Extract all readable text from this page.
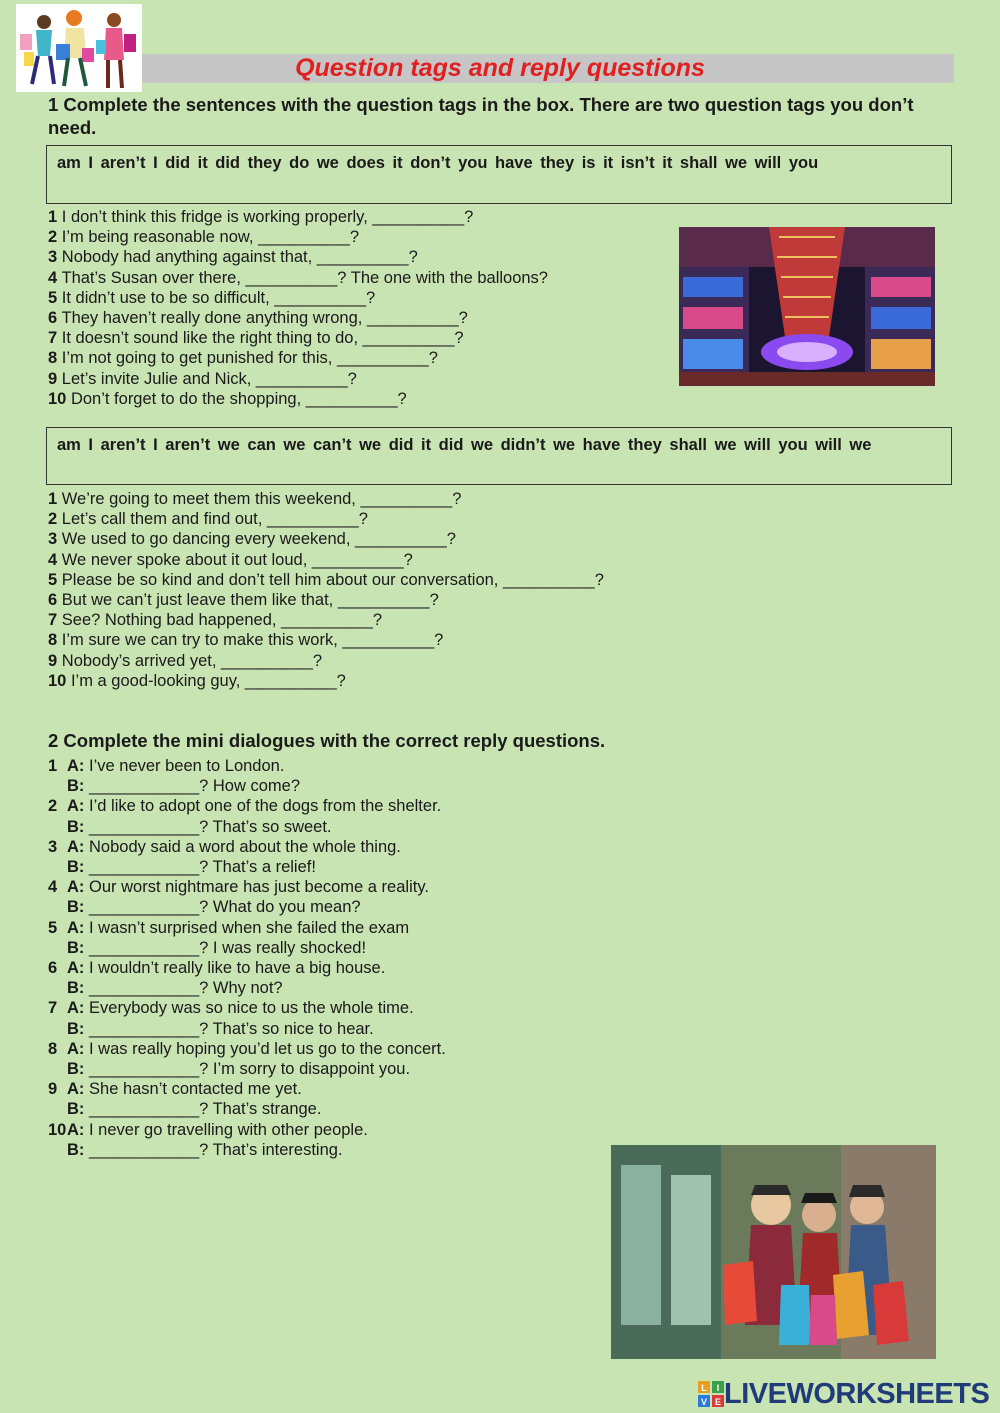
Question tags and reply questions
1 Complete the sentences with the question tags in the box. There are two question tags you don’t need.
am I aren’t I did it did they do we does it don’t you have they is it isn’t it shall we will you
1 I don’t think this fridge is working properly, __________?
2 I’m being reasonable now, __________?
3 Nobody had anything against that, __________?
4 That’s Susan over there, __________? The one with the balloons?
5 It didn’t use to be so difficult, __________?
6 They haven’t really done anything wrong, __________?
7 It doesn’t sound like the right thing to do, __________?
8 I’m not going to get punished for this, __________?
9 Let’s invite Julie and Nick, __________?
10 Don’t forget to do the shopping, __________?
am I aren’t I aren’t we can we can’t we did it did we didn’t we have they shall we will you will we
1 We’re going to meet them this weekend, __________?
2 Let’s call them and find out, __________?
3 We used to go dancing every weekend, __________?
4 We never spoke about it out loud, __________?
5 Please be so kind and don’t tell him about our conversation, __________?
6 But we can’t just leave them like that, __________?
7 See? Nothing bad happened, __________?
8 I’m sure we can try to make this work, __________?
9 Nobody’s arrived yet, __________?
10 I’m a good-looking guy, __________?
2 Complete the mini dialogues with the correct reply questions.
1 A: I’ve never been to London.
B: ____________? How come?
2 A: I’d like to adopt one of the dogs from the shelter.
B: ____________? That’s so sweet.
3 A: Nobody said a word about the whole thing.
B: ____________? That’s a relief!
4 A: Our worst nightmare has just become a reality.
B: ____________? What do you mean?
5 A: I wasn’t surprised when she failed the exam
B: ____________? I was really shocked!
6 A: I wouldn’t really like to have a big house.
B: ____________? Why not?
7 A: Everybody was so nice to us the whole time.
B: ____________? That’s so nice to hear.
8 A: I was really hoping you’d let us go to the concert.
B: ____________? I’m sorry to disappoint you.
9 A: She hasn’t contacted me yet.
B: ____________? That’s strange.
10 A: I never go travelling with other people.
B: ____________? That’s interesting.
L I
V E LIVEWORKSHEETS
